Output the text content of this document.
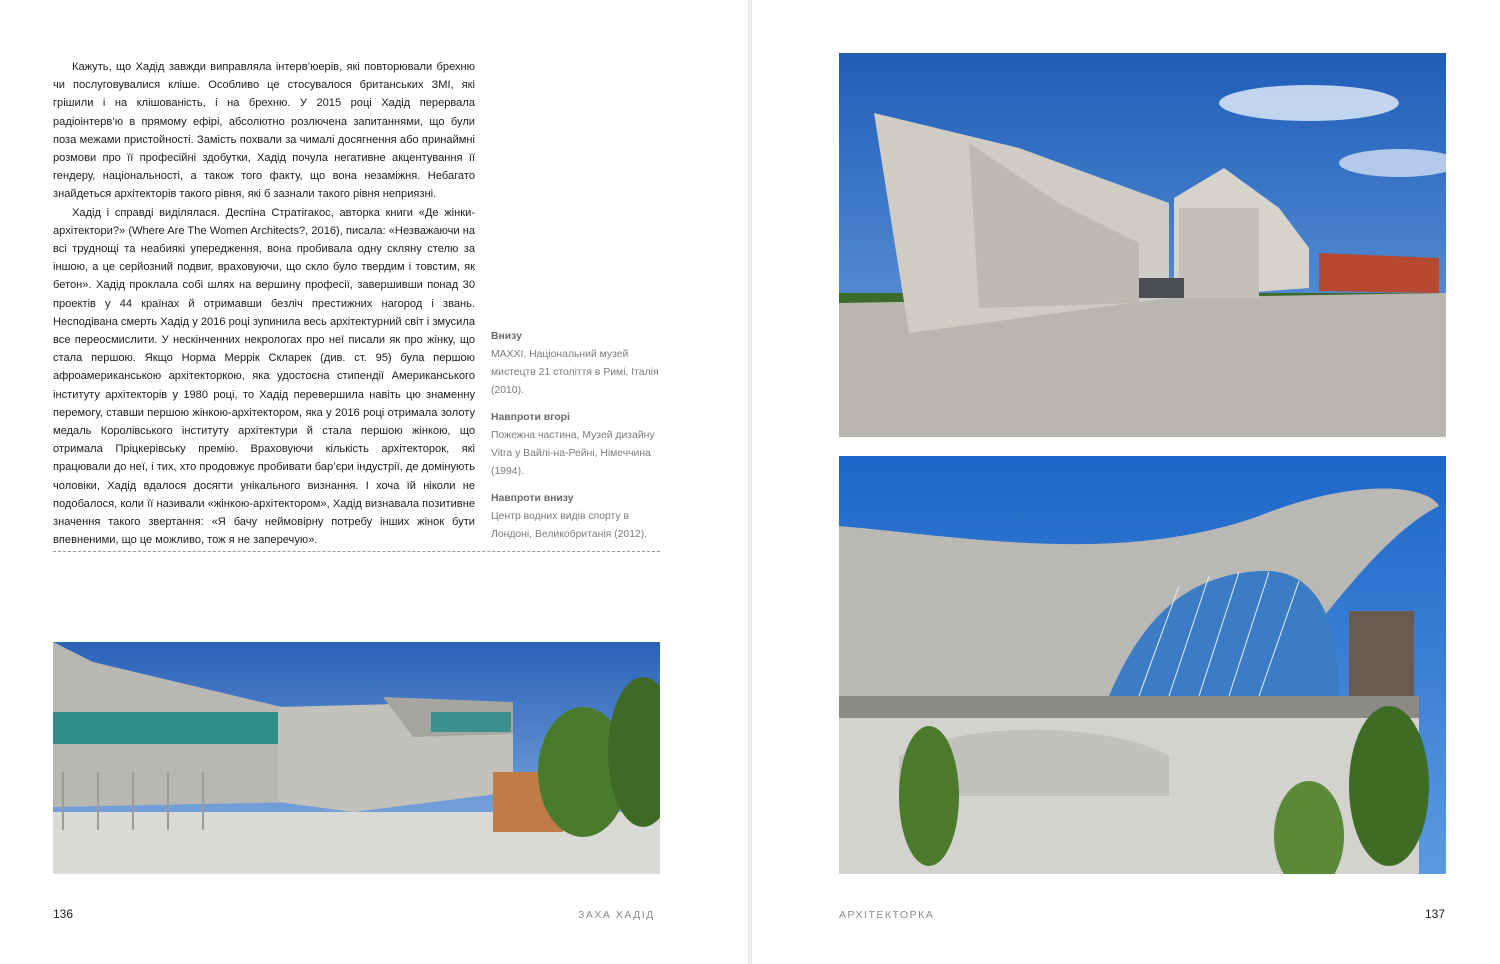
Кажуть, що Хадід завжди виправляла інтерв’юерів, які повторювали брехню чи послуговувалися кліше. Особливо це стосувалося британських ЗМІ, які грішили і на клішованість, і на брехню. У 2015 році Хадід перервала радіоінтерв’ю в прямому ефірі, абсолютно розлючена запитаннями, що були поза межами пристойності. Замість похвали за чималі досягнення або принаймні розмови про її професійні здобутки, Хадід почула негативне акцентування її гендеру, національності, а також того факту, що вона незаміжня. Небагато знайдеться архітекторів такого рівня, які б зазнали такого рівня неприязні.

Хадід і справді виділялася. Деспіна Стратігакос, авторка книги «Де жінки-архітектори?» (Where Are The Women Architects?, 2016), писала: «Незважаючи на всі труднощі та неабиякі упередження, вона пробивала одну скляну стелю за іншою, а це серйозний подвиг, враховуючи, що скло було твердим і товстим, як бетон». Хадід проклала собі шлях на вершину професії, завершивши понад 30 проектів у 44 країнах й отримавши безліч престижних нагород і звань. Несподівана смерть Хадід у 2016 році зупинила весь архітектурний світ і змусила все переосмислити. У нескінченних некрологах про неї писали як про жінку, що стала першою. Якщо Норма Меррік Скларек (див. ст. 95) була першою афроамериканською архітекторкою, яка удостоєна стипендії Американського інституту архітекторів у 1980 році, то Хадід перевершила навіть цю знаменну перемогу, ставши першою жінкою-архітектором, яка у 2016 році отримала золоту медаль Королівського інституту архітектури й стала першою жінкою, що отримала Пріцкерівську премію. Враховуючи кількість архітекторок, які працювали до неї, і тих, хто продовжує пробивати бар’єри індустрії, де домінують чоловіки, Хадід вдалося досягти унікального визнання. І хоча їй ніколи не подобалося, коли її називали «жінкою-архітектором», Хадід визнавала позитивне значення такого звертання: «Я бачу неймовірну потребу інших жінок бути впевненими, що це можливо, тож я не заперечую».

Внизу
MAXXI, Національний музей мистецтв 21 століття в Римі, Італія (2010).
Навпроти вгорі
Пожежна частина, Музей дизайну Vitra у Вайлі-на-Рейні, Німеччина (1994).
Навпроти внизу
Центр водних видів спорту в Лондоні, Великобританія (2012).
136	ЗАХА ХАДІД	АРХІТЕКТОРКА	137
